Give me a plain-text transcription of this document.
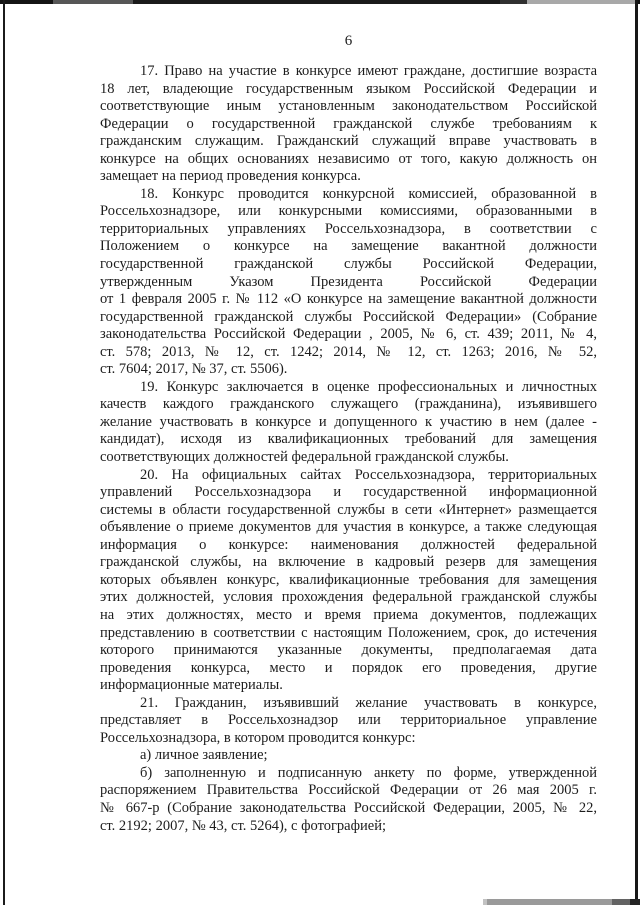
6
17. Право на участие в конкурсе имеют граждане, достигшие возраста
18 лет, владеющие государственным языком Российской Федерации и
соответствующие иным установленным законодательством Российской
Федерации о государственной гражданской службе требованиям к
гражданским служащим. Гражданский служащий вправе участвовать в
конкурсе на общих основаниях независимо от того, какую должность он
замещает на период проведения конкурса.
18. Конкурс проводится конкурсной комиссией, образованной в
Россельхознадзоре, или конкурсными комиссиями, образованными в
территориальных управлениях Россельхознадзора, в соответствии с
Положением о конкурсе на замещение вакантной должности
государственной гражданской службы Российской Федерации,
утвержденным Указом Президента Российской Федерации
от 1 февраля 2005 г. № 112 «О конкурсе на замещение вакантной должности
государственной гражданской службы Российской Федерации» (Собрание
законодательства Российской Федерации , 2005, № 6, ст. 439; 2011, № 4,
ст. 578; 2013, № 12, ст. 1242; 2014, № 12, ст. 1263; 2016, № 52,
ст. 7604; 2017, № 37, ст. 5506).
19. Конкурс заключается в оценке профессиональных и личностных
качеств каждого гражданского служащего (гражданина), изъявившего
желание участвовать в конкурсе и допущенного к участию в нем (далее -
кандидат), исходя из квалификационных требований для замещения
соответствующих должностей федеральной гражданской службы.
20. На официальных сайтах Россельхознадзора, территориальных
управлений Россельхознадзора и государственной информационной
системы в области государственной службы в сети «Интернет» размещается
объявление о приеме документов для участия в конкурсе, а также следующая
информация о конкурсе: наименования должностей федеральной
гражданской службы, на включение в кадровый резерв для замещения
которых объявлен конкурс, квалификационные требования для замещения
этих должностей, условия прохождения федеральной гражданской службы
на этих должностях, место и время приема документов, подлежащих
представлению в соответствии с настоящим Положением, срок, до истечения
которого принимаются указанные документы, предполагаемая дата
проведения конкурса, место и порядок его проведения, другие
информационные материалы.
21. Гражданин, изъявивший желание участвовать в конкурсе,
представляет в Россельхознадзор или территориальное управление
Россельхознадзора, в котором проводится конкурс:
а) личное заявление;
б) заполненную и подписанную анкету по форме, утвержденной
распоряжением Правительства Российской Федерации от 26 мая 2005 г.
№ 667-р (Собрание законодательства Российской Федерации, 2005, № 22,
ст. 2192; 2007, № 43, ст. 5264), с фотографией;
